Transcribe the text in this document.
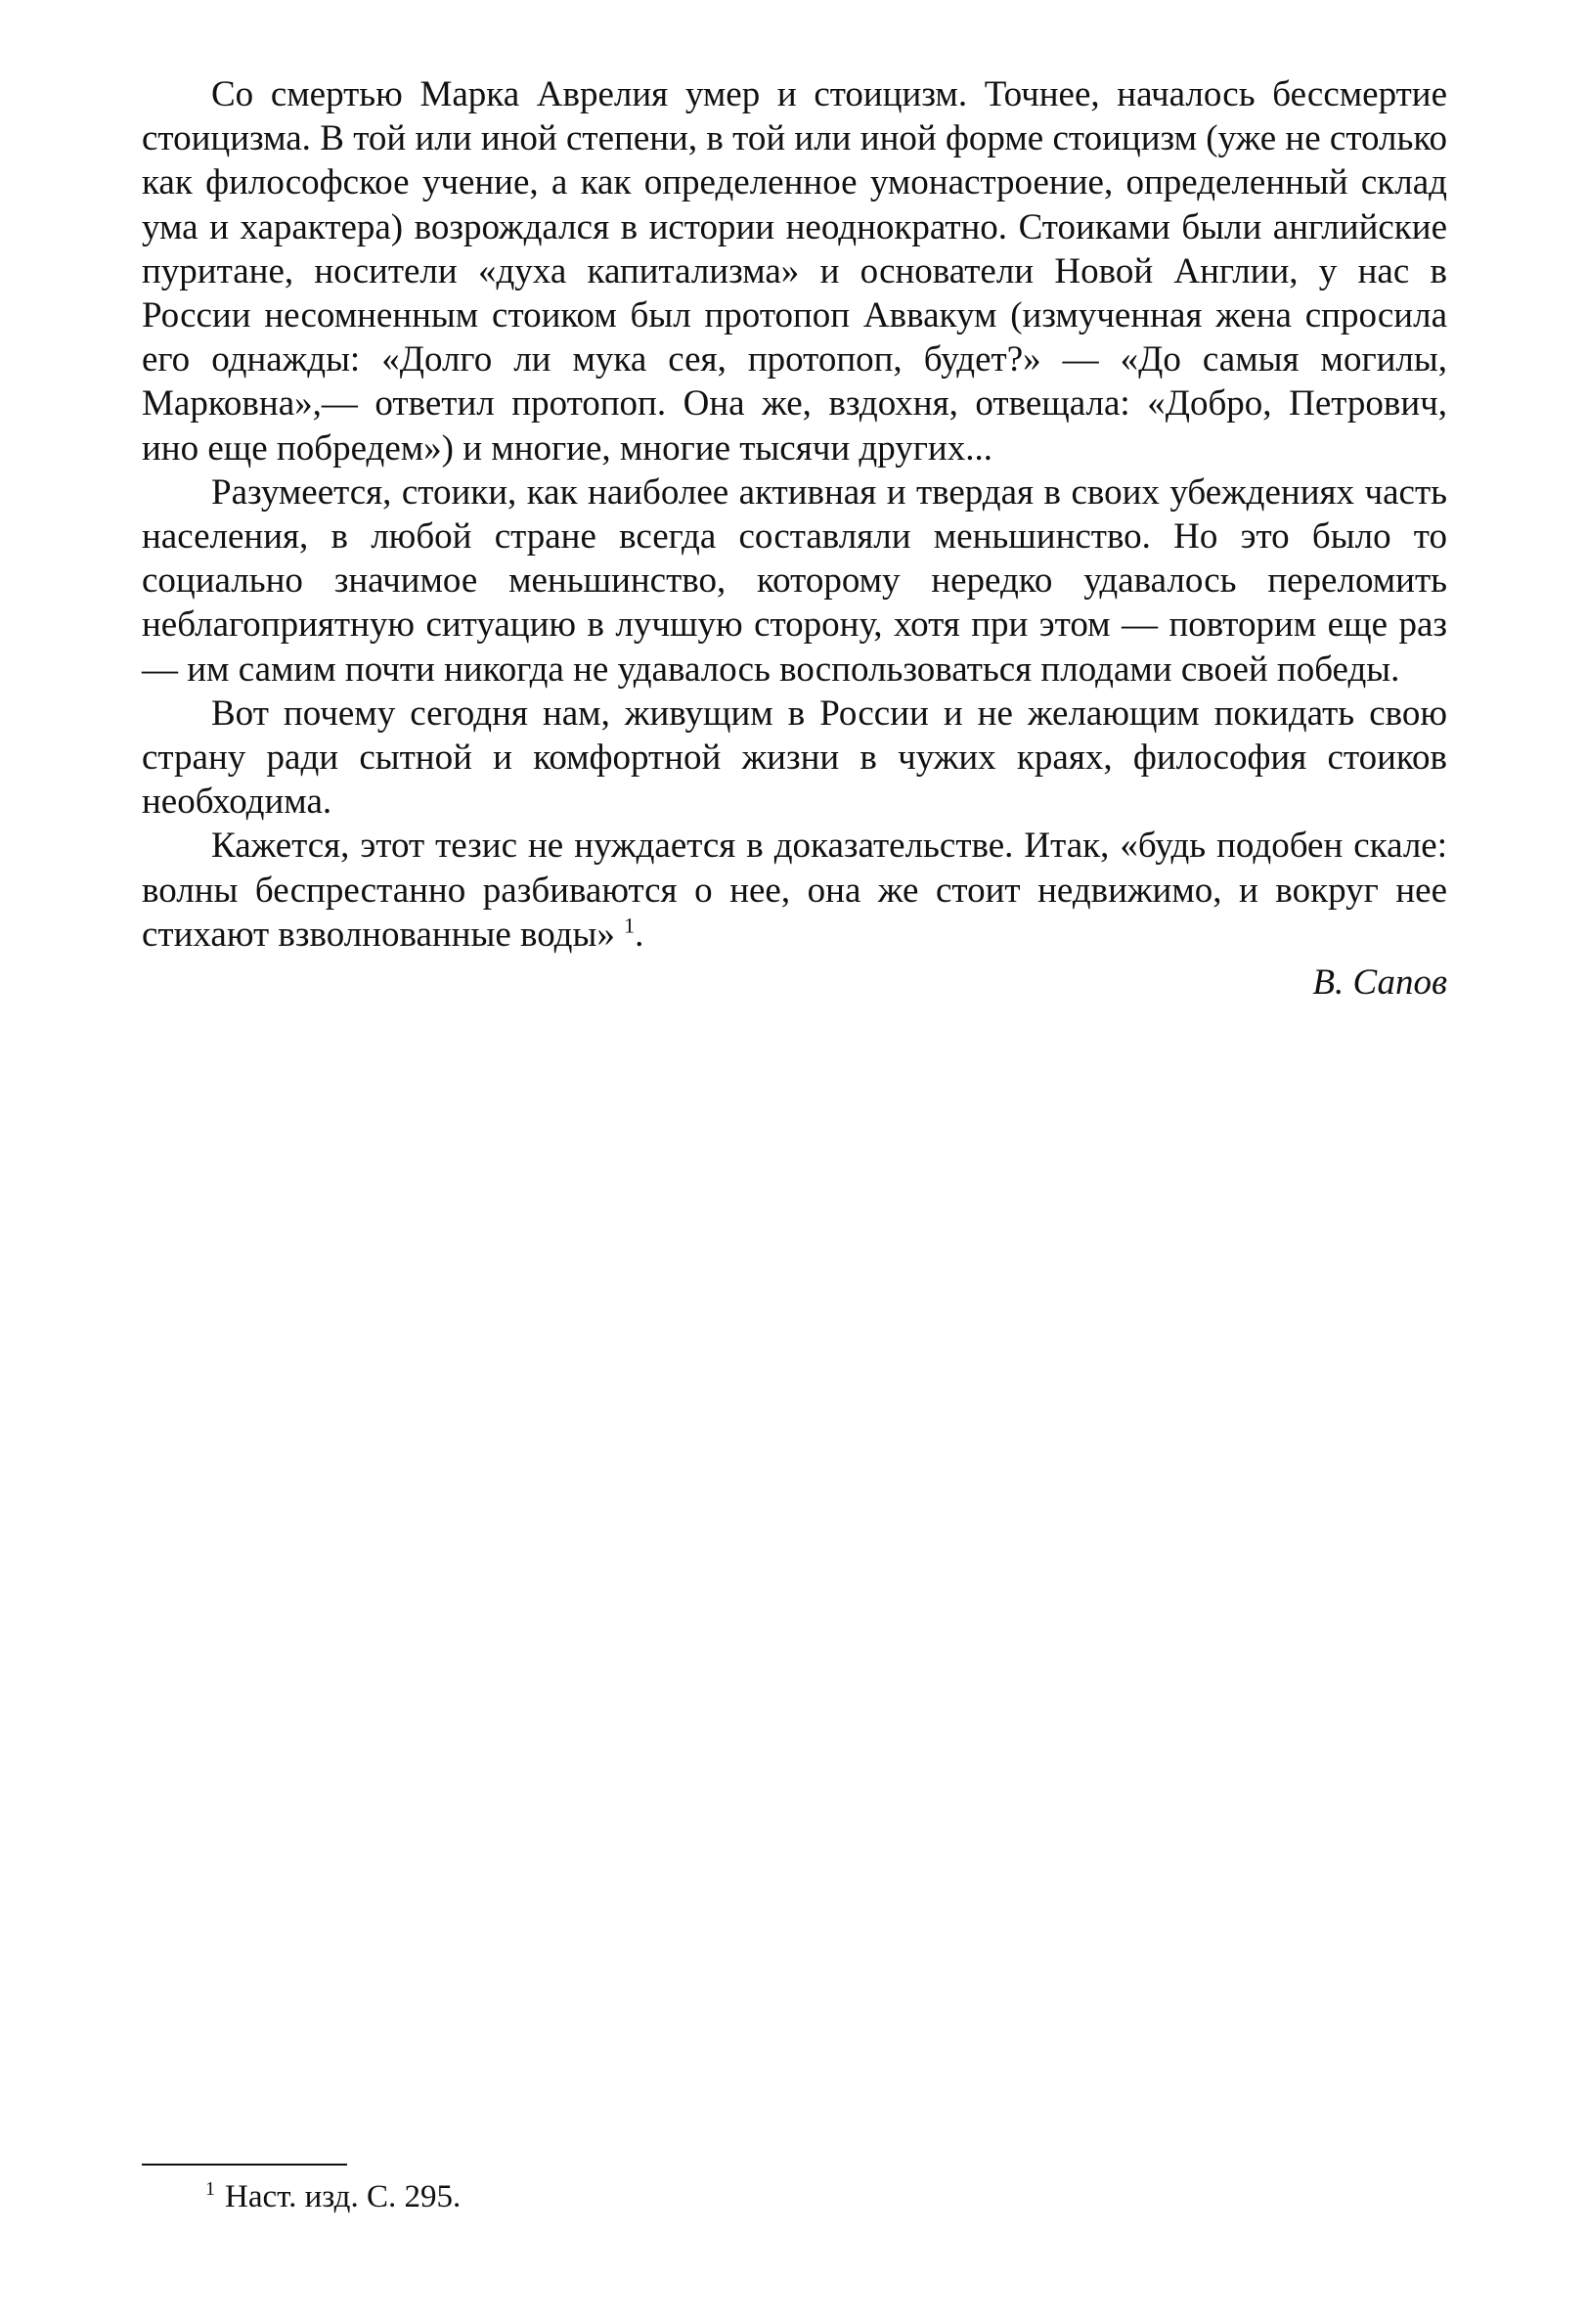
Со смертью Марка Аврелия умер и стоицизм. Точнее, началось бессмертие стоицизма. В той или иной степени, в той или иной форме стоицизм (уже не столько как философское учение, а как определенное умонастроение, определенный склад ума и характера) возрождался в истории неоднократно. Стоиками были английские пуритане, носители «духа капитализма» и основатели Новой Англии, у нас в России несомненным стоиком был протопоп Аввакум (измученная жена спросила его однажды: «Долго ли мука сея, протопоп, будет?» — «До самыя могилы, Марковна»,— ответил протопоп. Она же, вздохня, отвещала: «Добро, Петрович, ино еще побредем») и многие, многие тысячи других...

Разумеется, стоики, как наиболее активная и твердая в своих убеждениях часть населения, в любой стране всегда составляли меньшинство. Но это было то социально значимое меньшинство, которому нередко удавалось переломить неблагоприятную ситуацию в лучшую сторону, хотя при этом — повторим еще раз — им самим почти никогда не удавалось воспользоваться плодами своей победы.

Вот почему сегодня нам, живущим в России и не желающим покидать свою страну ради сытной и комфортной жизни в чужих краях, философия стоиков необходима.

Кажется, этот тезис не нуждается в доказательстве. Итак, «будь подобен скале: волны беспрестанно разбиваются о нее, она же стоит недвижимо, и вокруг нее стихают взволнованные воды» $^1$.

В. Сапов

$^1$ Наст. изд. С. 295.
